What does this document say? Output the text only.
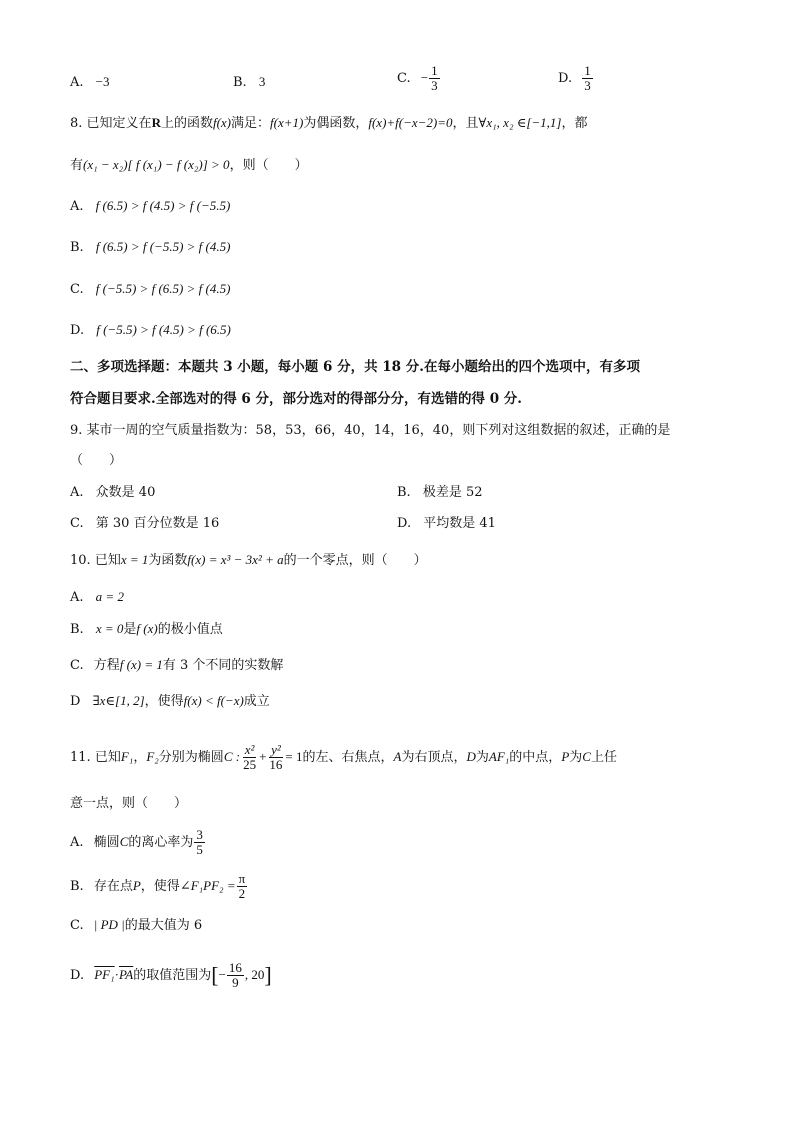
A. −3	B. 3	C. − $\frac{1}{3}$	D. $\frac{1}{3}$
8. 已知定义在R上的函数f(x)满足：f(x+1)为偶函数，f(x)+f(−x−2)=0，且∀x₁, x₂ ∈[−1,1]，都
有(x₁ − x₂)[ f (x₁) − f (x₂)] > 0，则（　　）
A. f (6.5) > f (4.5) > f (−5.5)
B. f (6.5) > f (−5.5) > f (4.5)
C. f (−5.5) > f (6.5) > f (4.5)
D. f (−5.5) > f (4.5) > f (6.5)
二、多项选择题：本题共 3 小题，每小题 6 分，共 18 分.在每小题给出的四个选项中，有多项
符合题目要求.全部选对的得 6 分，部分选对的得部分分，有选错的得 0 分.
9. 某市一周的空气质量指数为：58，53，66，40，14，16，40，则下列对这组数据的叙述，正确的是
（　　）
A. 众数是 40	B. 极差是 52
C. 第 30 百分位数是 16	D. 平均数是 41
10. 已知x = 1为函数f(x) = x³ − 3x² + a的一个零点，则（　　）
A. a = 2
B. x = 0是f (x)的极小值点
C. 方程f (x) = 1有 3 个不同的实数解
D ∃x∈[1, 2]，使得f(x) < f(−x)成立
11. 已知F₁，F₂分别为椭圆C : $\frac{\text{x²}}{25} + \frac{\text{y²}}{16} = 1$的左、右焦点，A为右顶点，D为AF₁的中点，P为C上任
意一点，则（　　）
A. 椭圆C的离心率为 $\frac{3}{5}$
B. 存在点P，使得∠F₁PF₂ = $\frac{\pi}{2}$
C. | PD |的最大值为 6
D. $PF_1\cdot\overline{PA}$的取值范围为[− $\frac{16}{9}$ , 20]
